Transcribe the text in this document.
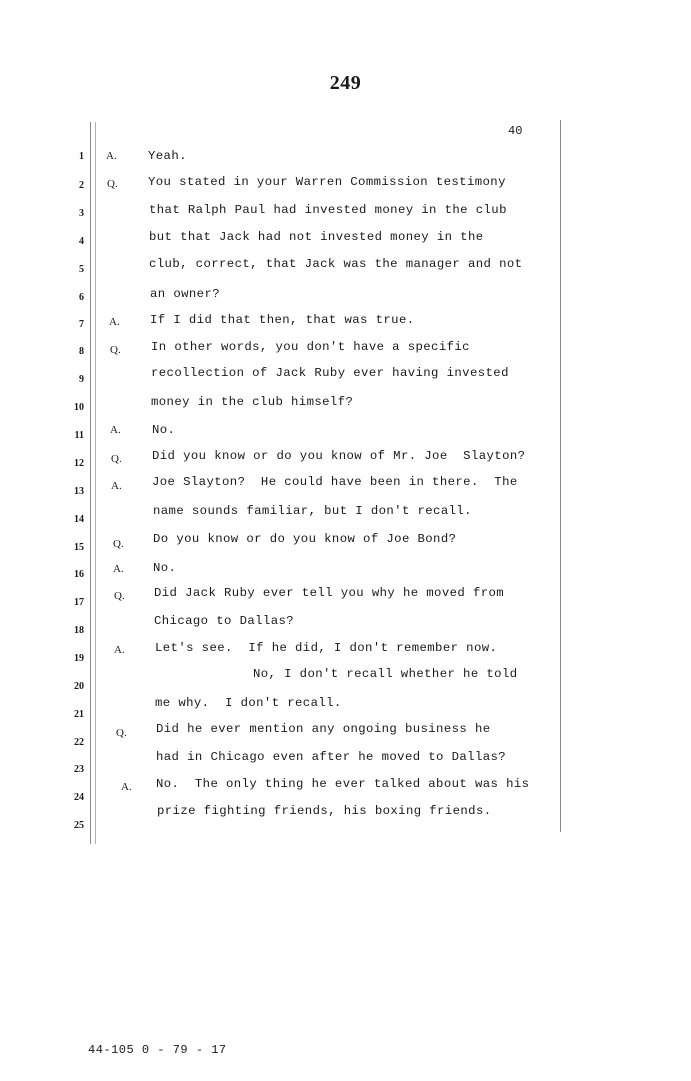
249
40
1
2
3
4
5
6
7
8
9
10
11
12
13
14
15
16
17
18
19
20
21
22
23
24
25
A.
Q.
A.
Q.
A.
Q.
A.
Q.
A.
Q.
A.
Q.
A.
Yeah.
You stated in your Warren Commission testimony
that Ralph Paul had invested money in the club
but that Jack had not invested money in the
club, correct, that Jack was the manager and not
an owner?
If I did that then, that was true.
In other words, you don't have a specific
recollection of Jack Ruby ever having invested
money in the club himself?
No.
Did you know or do you know of Mr. Joe  Slayton?
Joe Slayton?  He could have been in there.  The
name sounds familiar, but I don't recall.
Do you know or do you know of Joe Bond?
No.
Did Jack Ruby ever tell you why he moved from
Chicago to Dallas?
Let's see.  If he did, I don't remember now.
No, I don't recall whether he told
me why.  I don't recall.
Did he ever mention any ongoing business he
had in Chicago even after he moved to Dallas?
No.  The only thing he ever talked about was his
prize fighting friends, his boxing friends.
44-105 0 - 79 - 17
